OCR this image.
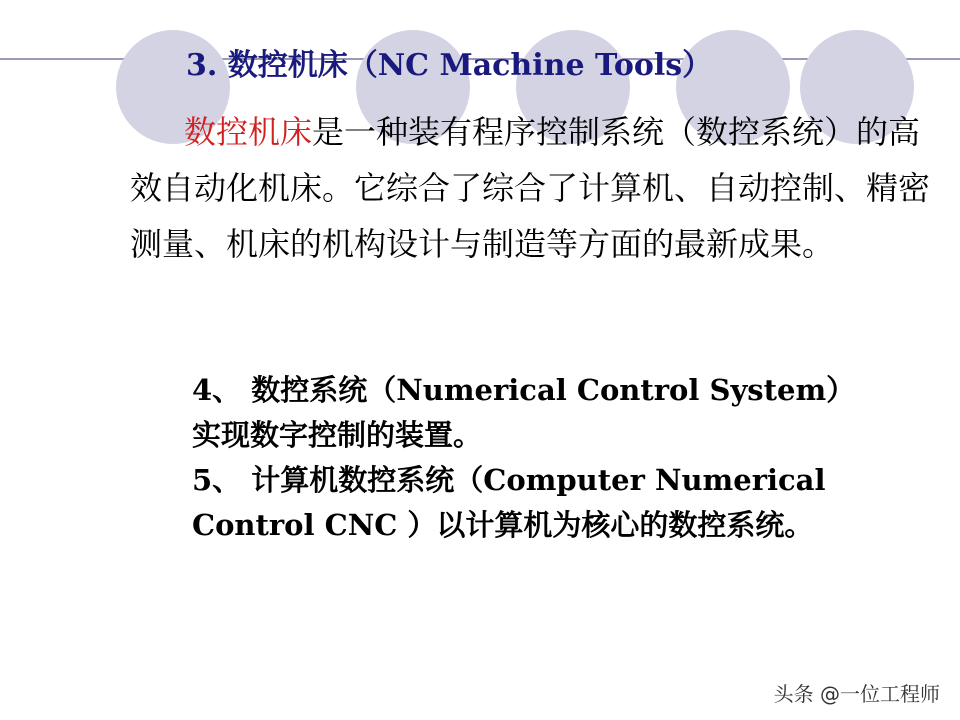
3. 数控机床（NC Machine Tools）

数控机床是一种装有程序控制系统（数控系统）的高效自动化机床。它综合了综合了计算机、自动控制、精密测量、机床的机构设计与制造等方面的最新成果。

4、 数控系统（Numerical Control System）
实现数字控制的装置。
5、 计算机数控系统（Computer Numerical
Control CNC ）以计算机为核心的数控系统。
头条 @一位工程师
